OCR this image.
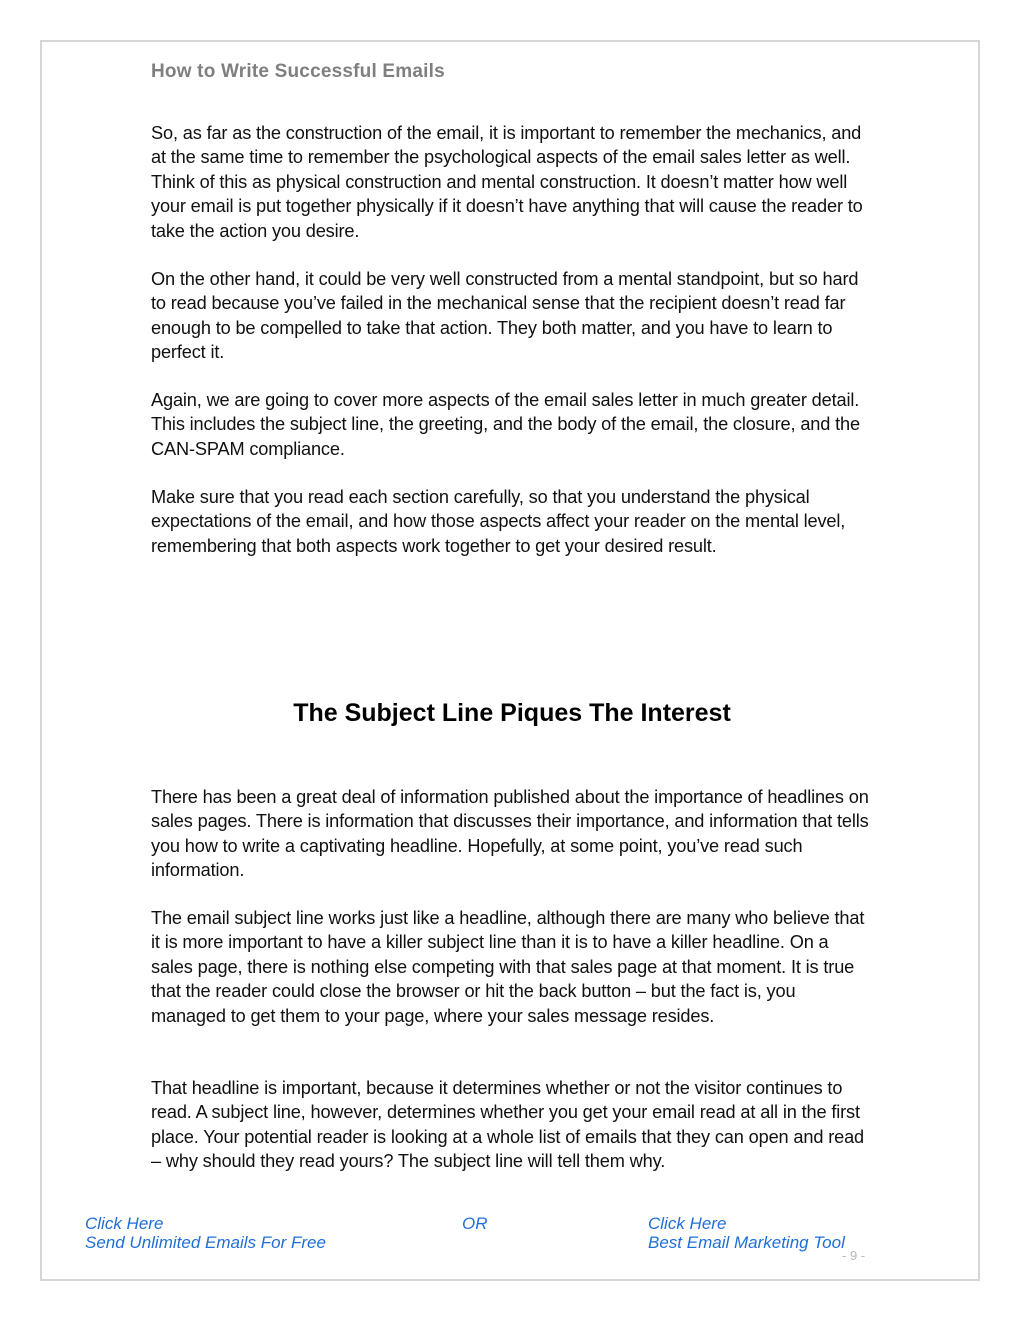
How to Write Successful Emails

So, as far as the construction of the email, it is important to remember the mechanics, and at the same time to remember the psychological aspects of the email sales letter as well. Think of this as physical construction and mental construction. It doesn’t matter how well your email is put together physically if it doesn’t have anything that will cause the reader to take the action you desire.

On the other hand, it could be very well constructed from a mental standpoint, but so hard to read because you’ve failed in the mechanical sense that the recipient doesn’t read far enough to be compelled to take that action. They both matter, and you have to learn to perfect it.

Again, we are going to cover more aspects of the email sales letter in much greater detail. This includes the subject line, the greeting, and the body of the email, the closure, and the CAN-SPAM compliance.

Make sure that you read each section carefully, so that you understand the physical expectations of the email, and how those aspects affect your reader on the mental level, remembering that both aspects work together to get your desired result.

The Subject Line Piques The Interest

There has been a great deal of information published about the importance of headlines on sales pages. There is information that discusses their importance, and information that tells you how to write a captivating headline. Hopefully, at some point, you’ve read such information.

The email subject line works just like a headline, although there are many who believe that it is more important to have a killer subject line than it is to have a killer headline. On a sales page, there is nothing else competing with that sales page at that moment. It is true that the reader could close the browser or hit the back button – but the fact is, you managed to get them to your page, where your sales message resides.

That headline is important, because it determines whether or not the visitor continues to read. A subject line, however, determines whether you get your email read at all in the first place. Your potential reader is looking at a whole list of emails that they can open and read – why should they read yours? The subject line will tell them why.

Click Here
Send Unlimited Emails For Free
OR	Click Here
Best Email Marketing Tool
- 9 -
